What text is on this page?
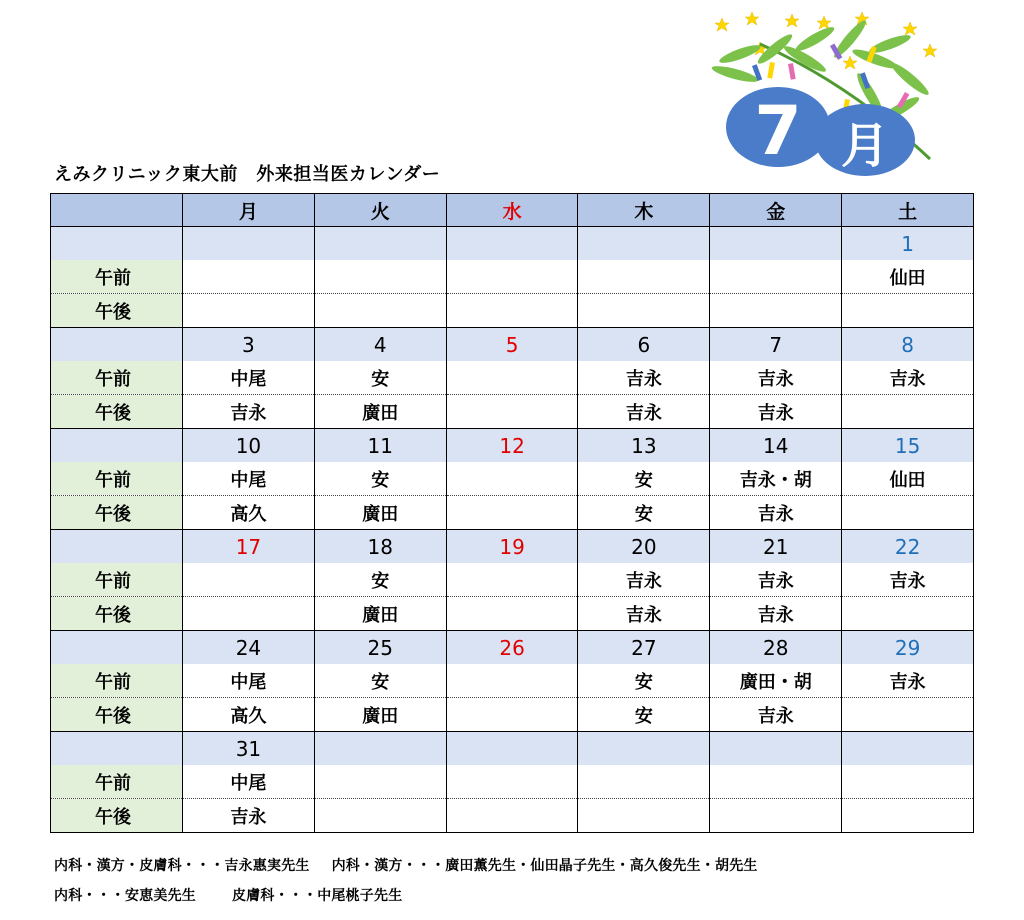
えみクリニック東大前　外来担当医カレンダー
7 月
	月	火	水	木	金	土
						1
午前						仙田
午後						
	3	4	5	6	7	8
午前	中尾	安		吉永	吉永	吉永
午後	吉永	廣田		吉永	吉永	
	10	11	12	13	14	15
午前	中尾	安		安	吉永・胡	仙田
午後	高久	廣田		安	吉永	
	17	18	19	20	21	22
午前		安		吉永	吉永	吉永
午後		廣田		吉永	吉永	
	24	25	26	27	28	29
午前	中尾	安		安	廣田・胡	吉永
午後	高久	廣田		安	吉永	
	31					
午前	中尾					
午後	吉永					
内科・漢方・皮膚科・・・吉永惠実先生 内科・漢方・・・廣田薫先生・仙田晶子先生・高久俊先生・胡先生
内科・・・安恵美先生	皮膚科・・・中尾桃子先生
